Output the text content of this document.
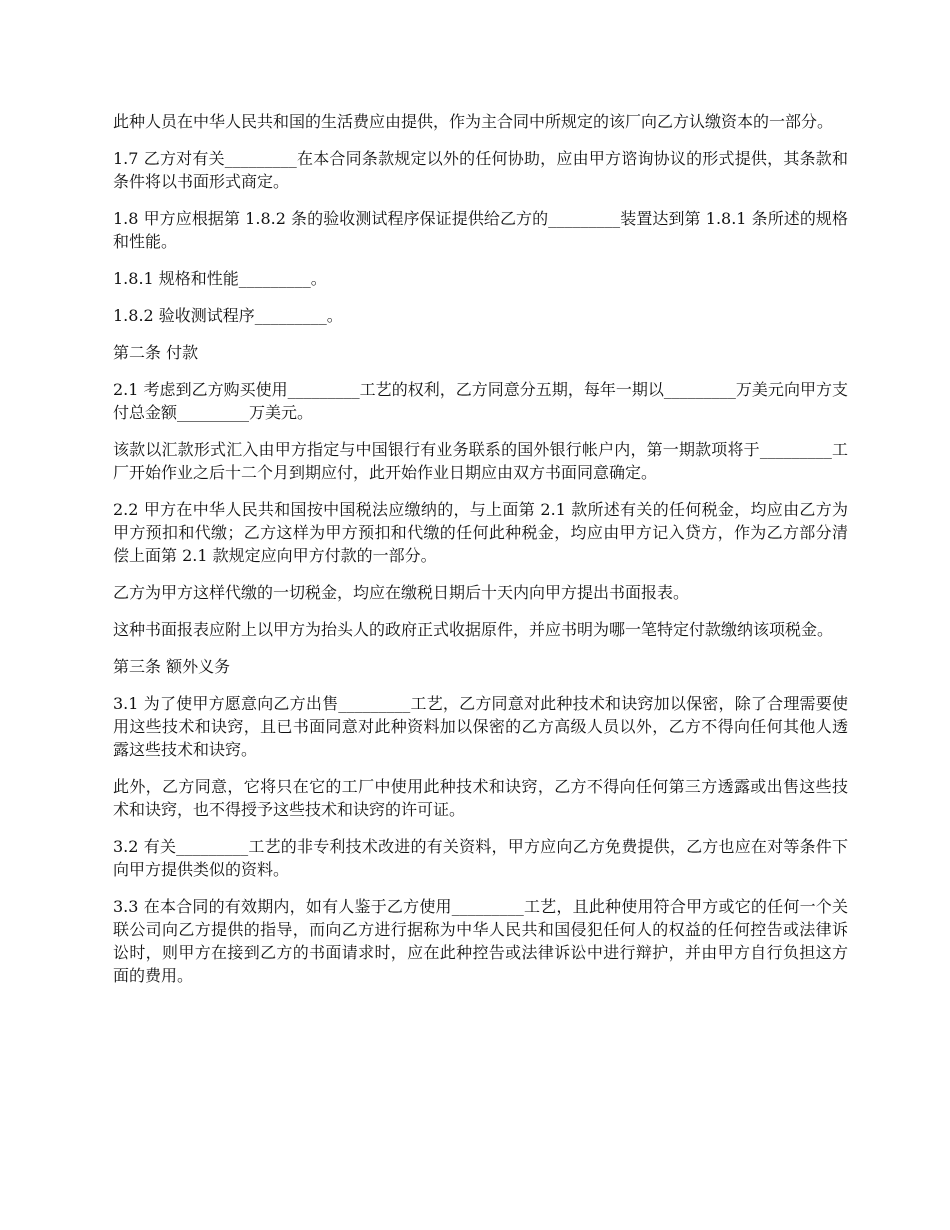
此种人员在中华人民共和国的生活费应由提供，作为主合同中所规定的该厂向乙方认缴资本的一部分。

1.7 乙方对有关_________在本合同条款规定以外的任何协助，应由甲方谘询协议的形式提供，其条款和条件将以书面形式商定。

1.8 甲方应根据第 1.8.2 条的验收测试程序保证提供给乙方的_________装置达到第 1.8.1 条所述的规格和性能。

1.8.1 规格和性能_________。

1.8.2 验收测试程序_________。

第二条 付款

2.1 考虑到乙方购买使用_________工艺的权利，乙方同意分五期，每年一期以_________万美元向甲方支付总金额_________万美元。

该款以汇款形式汇入由甲方指定与中国银行有业务联系的国外银行帐户内，第一期款项将于_________工厂开始作业之后十二个月到期应付，此开始作业日期应由双方书面同意确定。

2.2 甲方在中华人民共和国按中国税法应缴纳的，与上面第 2.1 款所述有关的任何税金，均应由乙方为甲方预扣和代缴；乙方这样为甲方预扣和代缴的任何此种税金，均应由甲方记入贷方，作为乙方部分清偿上面第 2.1 款规定应向甲方付款的一部分。

乙方为甲方这样代缴的一切税金，均应在缴税日期后十天内向甲方提出书面报表。

这种书面报表应附上以甲方为抬头人的政府正式收据原件，并应书明为哪一笔特定付款缴纳该项税金。

第三条 额外义务

3.1 为了使甲方愿意向乙方出售_________工艺，乙方同意对此种技术和诀窍加以保密，除了合理需要使用这些技术和诀窍，且已书面同意对此种资料加以保密的乙方高级人员以外，乙方不得向任何其他人透露这些技术和诀窍。

此外，乙方同意，它将只在它的工厂中使用此种技术和诀窍，乙方不得向任何第三方透露或出售这些技术和诀窍，也不得授予这些技术和诀窍的许可证。

3.2 有关_________工艺的非专利技术改进的有关资料，甲方应向乙方免费提供，乙方也应在对等条件下向甲方提供类似的资料。

3.3 在本合同的有效期内，如有人鉴于乙方使用_________工艺，且此种使用符合甲方或它的任何一个关联公司向乙方提供的指导，而向乙方进行据称为中华人民共和国侵犯任何人的权益的任何控告或法律诉讼时，则甲方在接到乙方的书面请求时，应在此种控告或法律诉讼中进行辩护，并由甲方自行负担这方面的费用。
